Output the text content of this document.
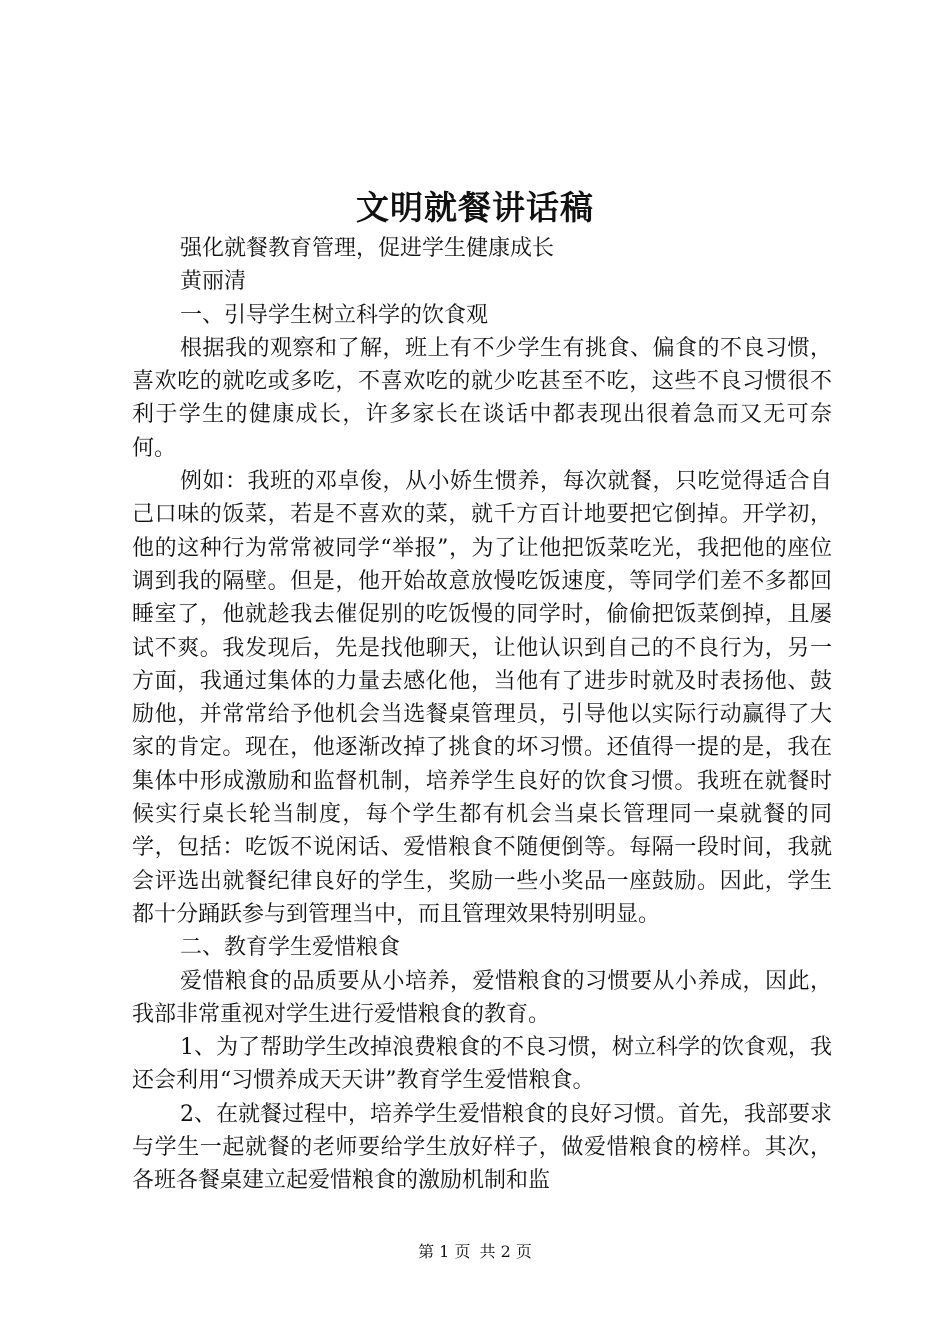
文明就餐讲话稿

强化就餐教育管理，促进学生健康成长

黄丽清

一、引导学生树立科学的饮食观

根据我的观察和了解，班上有不少学生有挑食、偏食的不良习惯，喜欢吃的就吃或多吃，不喜欢吃的就少吃甚至不吃，这些不良习惯很不利于学生的健康成长，许多家长在谈话中都表现出很着急而又无可奈何。

例如：我班的邓卓俊，从小娇生惯养，每次就餐，只吃觉得适合自己口味的饭菜，若是不喜欢的菜，就千方百计地要把它倒掉。开学初，他的这种行为常常被同学“举报”，为了让他把饭菜吃光，我把他的座位调到我的隔壁。但是，他开始故意放慢吃饭速度，等同学们差不多都回睡室了，他就趁我去催促别的吃饭慢的同学时，偷偷把饭菜倒掉，且屡试不爽。我发现后，先是找他聊天，让他认识到自己的不良行为，另一方面，我通过集体的力量去感化他，当他有了进步时就及时表扬他、鼓励他，并常常给予他机会当选餐桌管理员，引导他以实际行动赢得了大家的肯定。现在，他逐渐改掉了挑食的坏习惯。还值得一提的是，我在集体中形成激励和监督机制，培养学生良好的饮食习惯。我班在就餐时候实行桌长轮当制度，每个学生都有机会当桌长管理同一桌就餐的同学，包括：吃饭不说闲话、爱惜粮食不随便倒等。每隔一段时间，我就会评选出就餐纪律良好的学生，奖励一些小奖品一座鼓励。因此，学生都十分踊跃参与到管理当中，而且管理效果特别明显。

二、教育学生爱惜粮食

爱惜粮食的品质要从小培养，爱惜粮食的习惯要从小养成，因此，我部非常重视对学生进行爱惜粮食的教育。

1、为了帮助学生改掉浪费粮食的不良习惯，树立科学的饮食观，我还会利用“习惯养成天天讲”教育学生爱惜粮食。

2、在就餐过程中，培养学生爱惜粮食的良好习惯。首先，我部要求与学生一起就餐的老师要给学生放好样子，做爱惜粮食的榜样。其次，各班各餐桌建立起爱惜粮食的激励机制和监

第 1 页 共 2 页
